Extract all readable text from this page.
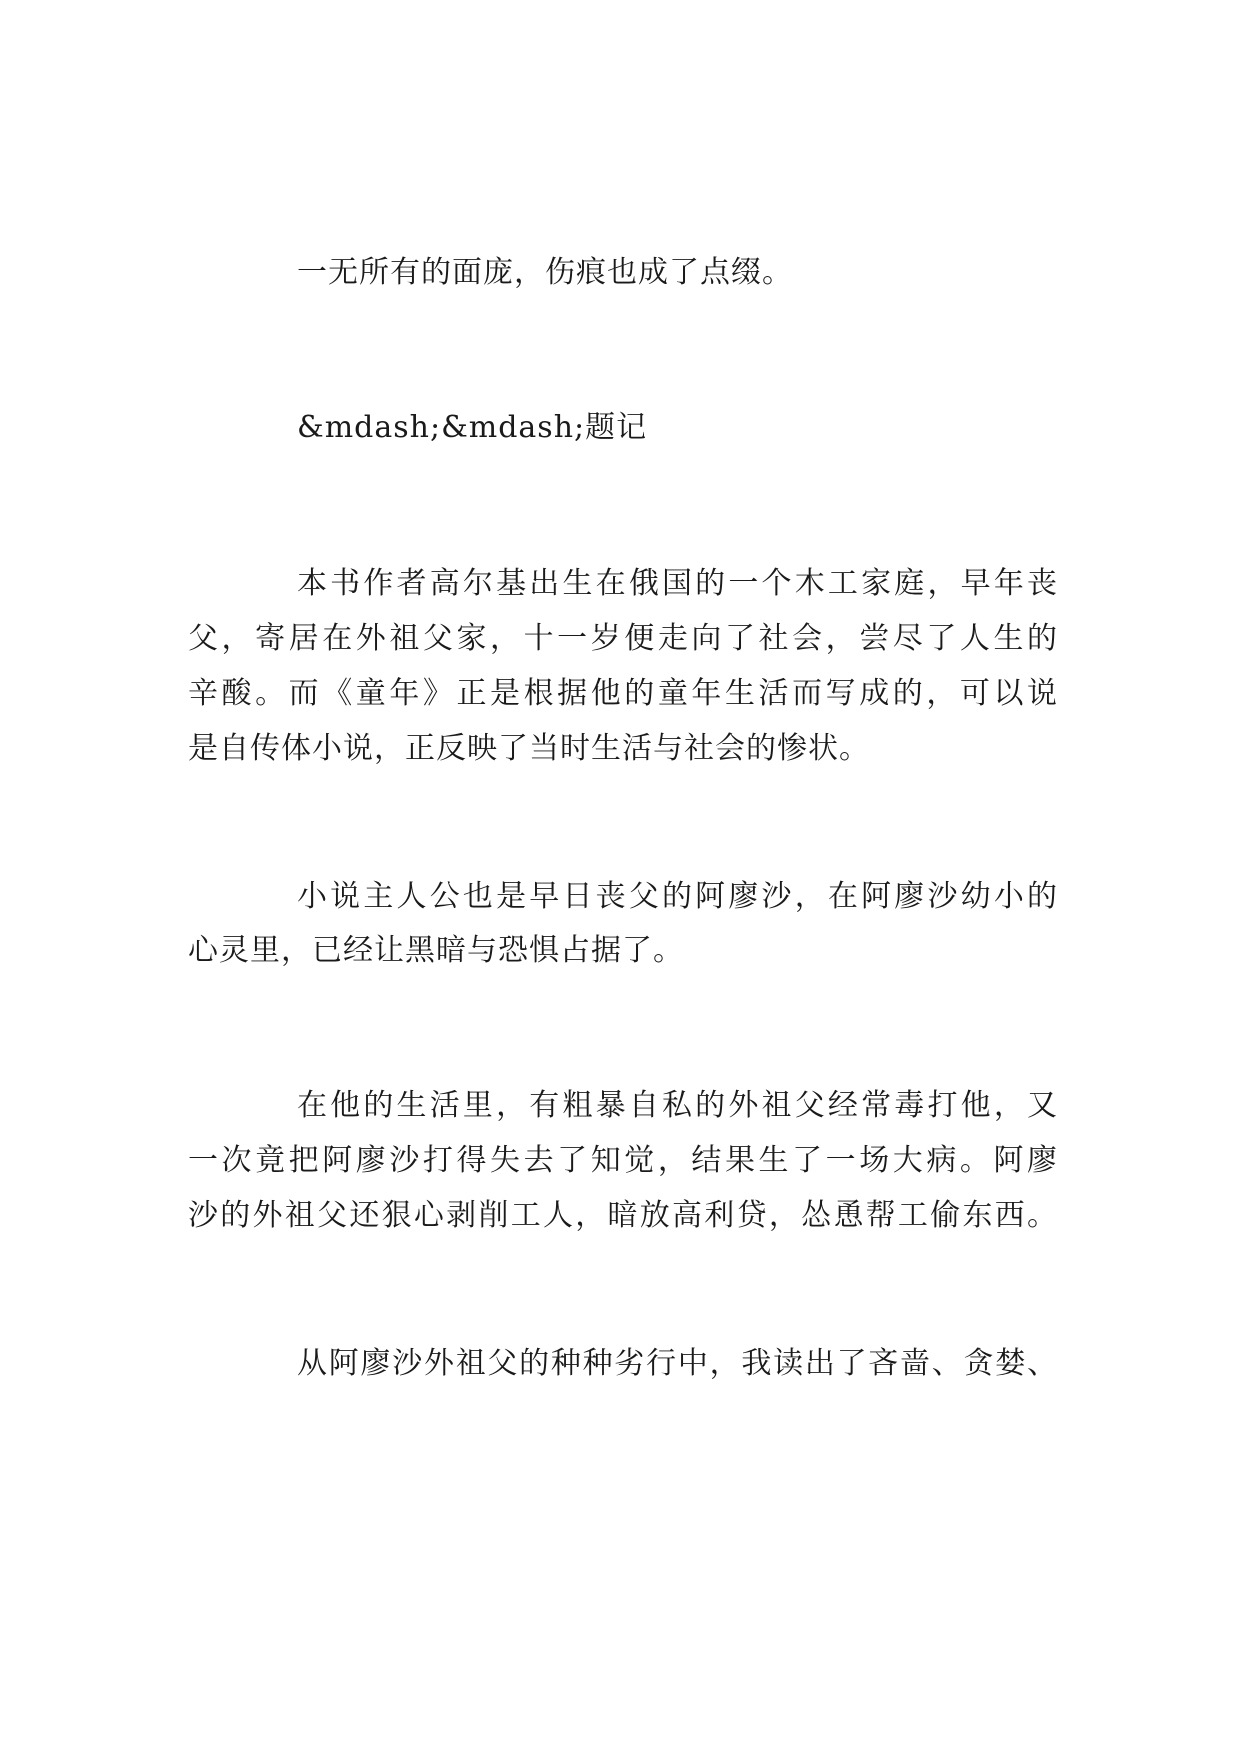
一无所有的面庞，伤痕也成了点缀。
&mdash;&mdash;题记
本书作者高尔基出生在俄国的一个木工家庭，早年丧
父，寄居在外祖父家，十一岁便走向了社会，尝尽了人生的
辛酸。而《童年》正是根据他的童年生活而写成的，可以说
是自传体小说，正反映了当时生活与社会的惨状。
小说主人公也是早日丧父的阿廖沙，在阿廖沙幼小的
心灵里，已经让黑暗与恐惧占据了。
在他的生活里，有粗暴自私的外祖父经常毒打他，又
一次竟把阿廖沙打得失去了知觉，结果生了一场大病。阿廖
沙的外祖父还狠心剥削工人，暗放高利贷，怂恿帮工偷东西。
从阿廖沙外祖父的种种劣行中，我读出了吝啬、贪婪、
